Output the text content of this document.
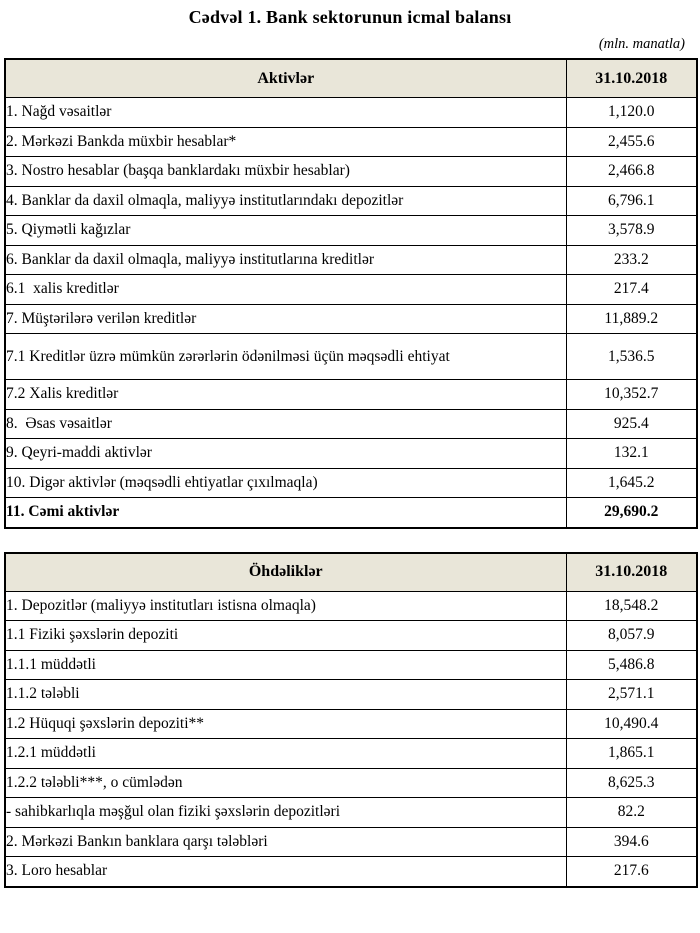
Cədvəl 1. Bank sektorunun icmal balansı
(mln. manatla)
Aktivlər	31.10.2018
1. Nağd vəsaitlər	1,120.0
2. Mərkəzi Bankda müxbir hesablar*	2,455.6
3. Nostro hesablar (başqa banklardakı müxbir hesablar)	2,466.8
4. Banklar da daxil olmaqla, maliyyə institutlarındakı depozitlər	6,796.1
5. Qiymətli kağızlar	3,578.9
6. Banklar da daxil olmaqla, maliyyə institutlarına kreditlər	233.2
6.1  xalis kreditlər	217.4
7. Müştərilərə verilən kreditlər	11,889.2
7.1 Kreditlər üzrə mümkün zərərlərin ödənilməsi üçün məqsədli ehtiyat	1,536.5
7.2 Xalis kreditlər	10,352.7
8.  Əsas vəsaitlər	925.4
9. Qeyri-maddi aktivlər	132.1
10. Digər aktivlər (məqsədli ehtiyatlar çıxılmaqla)	1,645.2
11. Cəmi aktivlər	29,690.2
Öhdəliklər	31.10.2018
1. Depozitlər (maliyyə institutları istisna olmaqla)	18,548.2
1.1 Fiziki şəxslərin depoziti	8,057.9
1.1.1 müddətli	5,486.8
1.1.2 tələbli	2,571.1
1.2 Hüquqi şəxslərin depoziti**	10,490.4
1.2.1 müddətli	1,865.1
1.2.2 tələbli***, o cümlədən	8,625.3
- sahibkarlıqla məşğul olan fiziki şəxslərin depozitləri	82.2
2. Mərkəzi Bankın banklara qarşı tələbləri	394.6
3. Loro hesablar	217.6
